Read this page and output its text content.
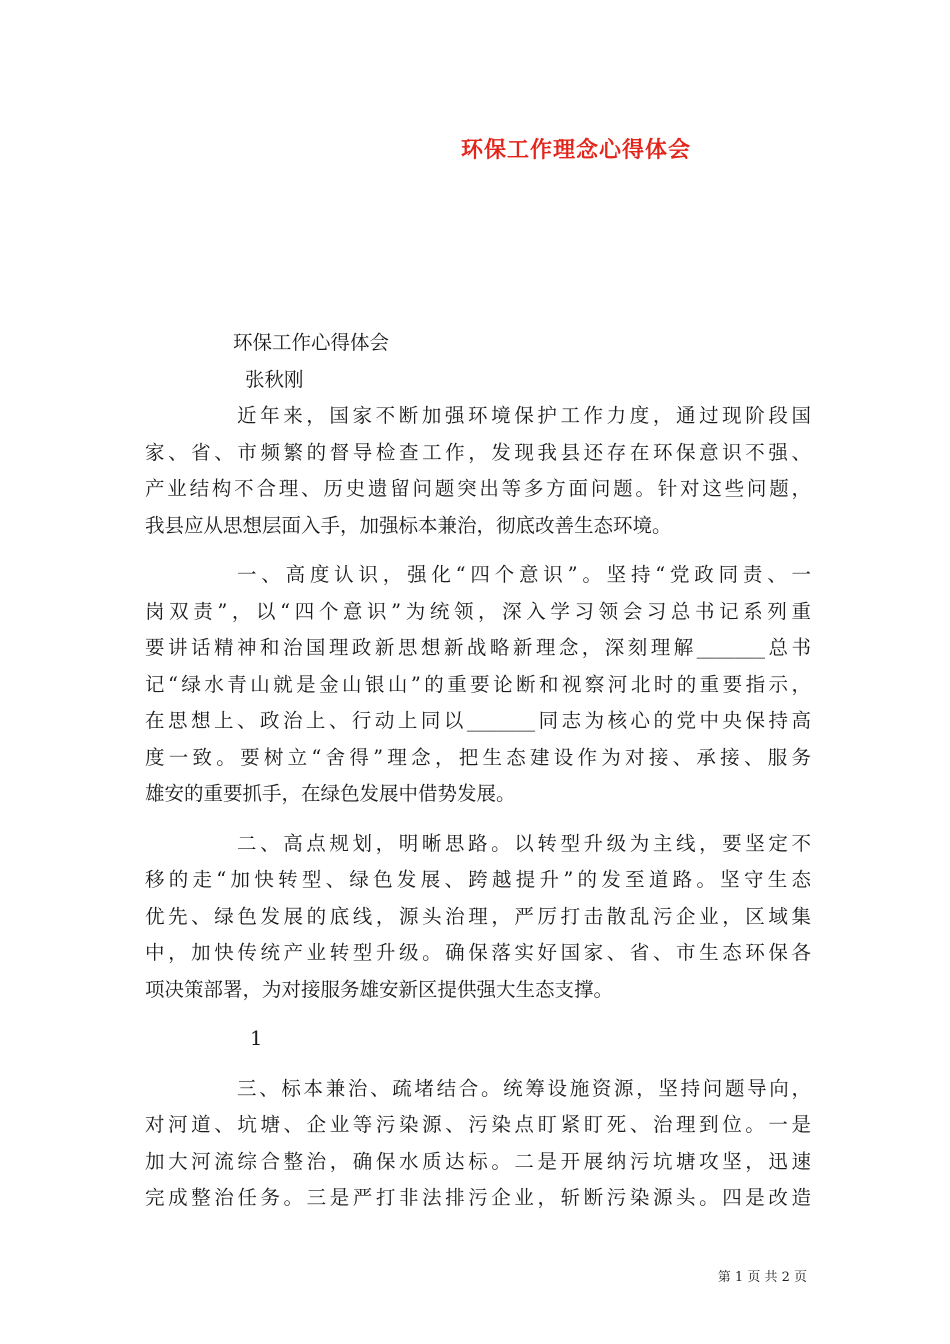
环保工作理念心得体会
环保工作心得体会
张秋刚
近年来，国家不断加强环境保护工作力度，通过现阶段国
家、省、市频繁的督导检查工作，发现我县还存在环保意识不强、
产业结构不合理、历史遗留问题突出等多方面问题。针对这些问题，
我县应从思想层面入手，加强标本兼治，彻底改善生态环境。
一、高度认识，强化“四个意识”。坚持“党政同责、一
岗双责”，以“四个意识”为统领，深入学习领会习总书记系列重
要讲话精神和治国理政新思想新战略新理念，深刻理解_______总书
记“绿水青山就是金山银山”的重要论断和视察河北时的重要指示，
在思想上、政治上、行动上同以_______同志为核心的党中央保持高
度一致。要树立“舍得”理念，把生态建设作为对接、承接、服务
雄安的重要抓手，在绿色发展中借势发展。
二、高点规划，明晰思路。以转型升级为主线，要坚定不
移的走“加快转型、绿色发展、跨越提升”的发至道路。坚守生态
优先、绿色发展的底线，源头治理，严厉打击散乱污企业，区域集
中，加快传统产业转型升级。确保落实好国家、省、市生态环保各
项决策部署，为对接服务雄安新区提供强大生态支撑。
1
三、标本兼治、疏堵结合。统筹设施资源，坚持问题导向，
对河道、坑塘、企业等污染源、污染点盯紧盯死、治理到位。一是
加大河流综合整治，确保水质达标。二是开展纳污坑塘攻坚，迅速
完成整治任务。三是严打非法排污企业，斩断污染源头。四是改造
第 1 页 共 2 页
